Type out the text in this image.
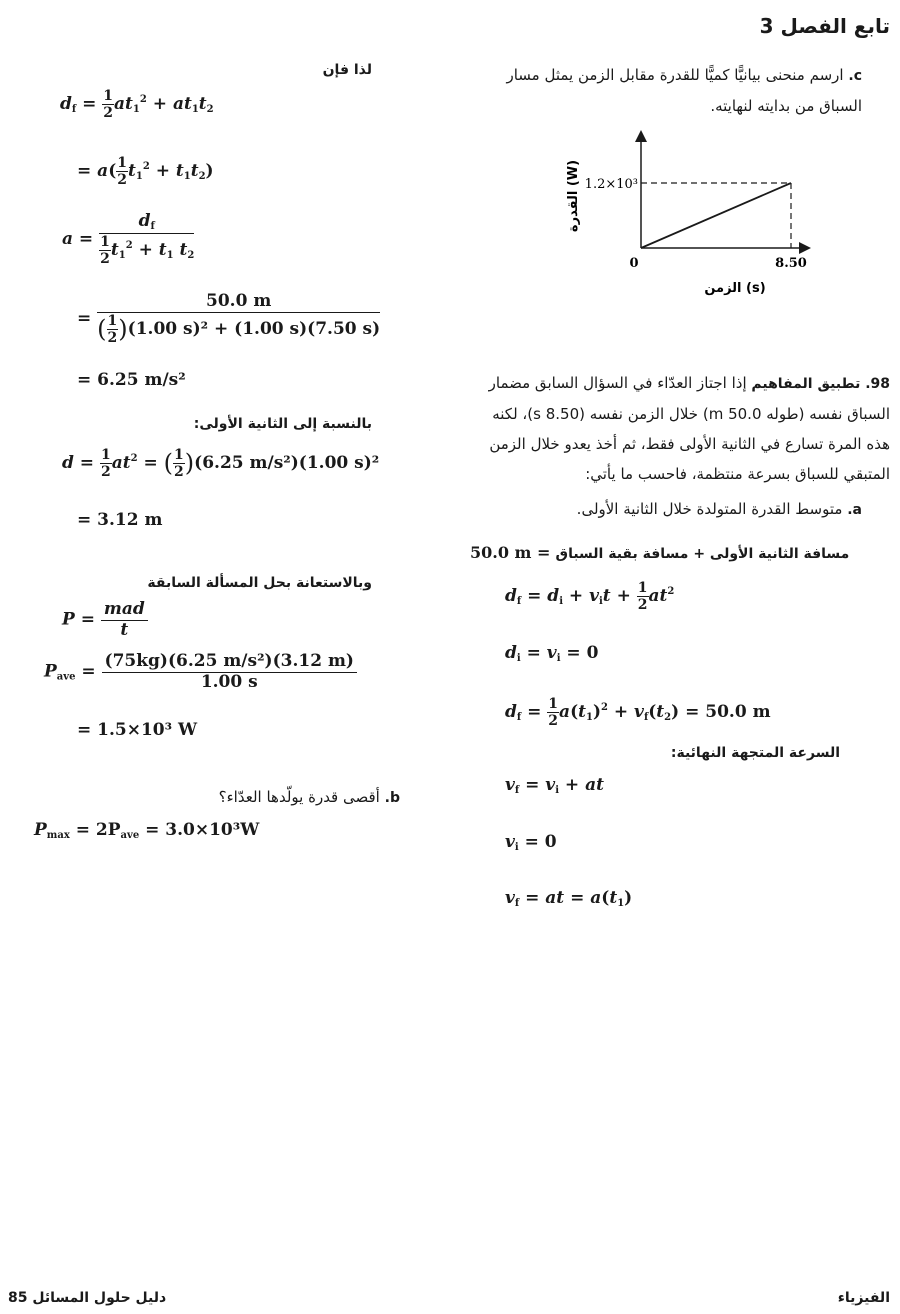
تابع الفصل 3
c. ارسم منحنى بيانيًّا كميًّا للقدرة مقابل الزمن يمثل مسار السباق من بدايته لنهايته.
1.2×10³
(W) القدرة
0	8.50
(s) الزمن
98. تطبيق المفاهيم إذا اجتاز العدّاء في السؤال السابق مضمار السباق نفسه (طوله 50.0 m) خلال الزمن نفسه (8.50 s)، لكنه هذه المرة تسارع في الثانية الأولى فقط، ثم أخذ يعدو خلال الزمن المتبقي للسباق بسرعة منتظمة، فاحسب ما يأتي:
a. متوسط القدرة المتولدة خلال الثانية الأولى.
50.0 m = مسافة الثانية الأولى + مسافة بقية السباق
$d_f = d_i + v_it + \frac{1}{2} at^2$
$d_i = v_i = 0$
$d_f = \frac{1}{2} a(t_1)^2 + v_f(t_2) = 50.0$ m
السرعة المتجهة النهائية:
$v_f = v_i$ + at
$v_i = 0$
$v_f$ = at = $a(t_1)$
لذا فإن
$d_f = \frac{1}{2} at_1^2 + at_1t_2$
= $a( \frac{1}{2} t_1^2 + t_1t_2)$
$a = \frac{d_f}{\frac{1}{2} t_1^2 + t_1 t_2}$
= $\frac{50.0 m}{( \frac{1}{2} )(1.00 s)^2 + (1.00 s)(7.50 s)}$
= 6.25 m/s²
بالنسبة إلى الثانية الأولى:
$d = \frac{1}{2} at^2$ = ( $\frac{1}{2} )(6.25$ m/s²)(1.00 s)²
= 3.12 m
وبالاستعانة بحل المسألة السابقة
$P = \frac{\text{mad}}{t}$
$P_{ave} = \frac{\text{(75kg)(6.25 m/s²)(3.12 m)}}{1.00 s}$
= 1.5×10³ W
b. أقصى قدرة يولّدها العدّاء؟
$P_{max} = 2P_{ave} = 3.0\times 10^3W$
85 دليل حلول المسائل	الفيزياء
